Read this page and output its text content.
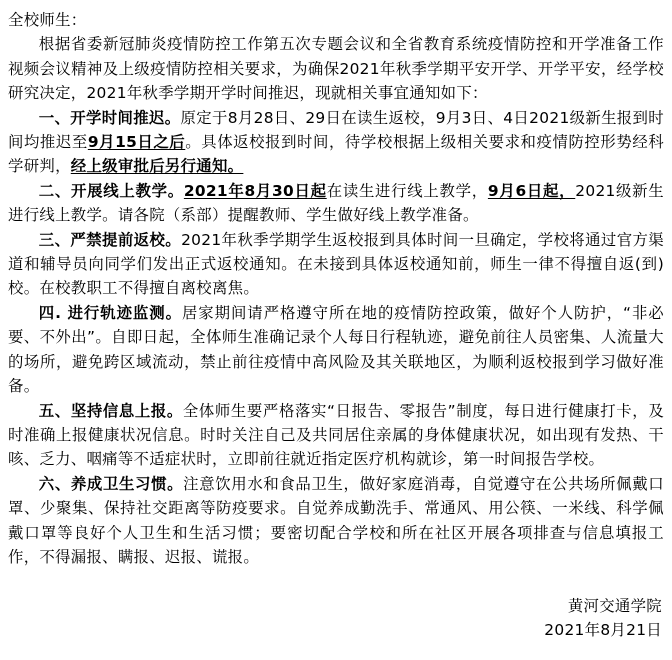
全校师生：

根据省委新冠肺炎疫情防控工作第五次专题会议和全省教育系统疫情防控和开学准备工作视频会议精神及上级疫情防控相关要求，为确保2021年秋季学期平安开学、开学平安，经学校研究决定，2021年秋季学期开学时间推迟，现就相关事宜通知如下：

一、开学时间推迟。原定于8月28日、29日在读生返校，9月3日、4日2021级新生报到时间均推迟至9月15日之后。具体返校报到时间，待学校根据上级相关要求和疫情防控形势经科学研判，经上级审批后另行通知。

二、开展线上教学。2021年8月30日起在读生进行线上教学，9月6日起，2021级新生进行线上教学。请各院（系部）提醒教师、学生做好线上教学准备。

三、严禁提前返校。2021年秋季学期学生返校报到具体时间一旦确定，学校将通过官方渠道和辅导员向同学们发出正式返校通知。在未接到具体返校通知前，师生一律不得擅自返(到)校。在校教职工不得擅自离校离焦。

四. 进行轨迹监测。居家期间请严格遵守所在地的疫情防控政策，做好个人防护，“非必要、不外出”。自即日起，全体师生准确记录个人每日行程轨迹，避免前往人员密集、人流量大的场所，避免跨区域流动，禁止前往疫情中高风险及其关联地区，为顺利返校报到学习做好准备。

五、坚持信息上报。全体师生要严格落实“日报告、零报告”制度，每日进行健康打卡，及时准确上报健康状况信息。时时关注自己及共同居住亲属的身体健康状况，如出现有发热、干咳、乏力、咽痛等不适症状时，立即前往就近指定医疗机构就诊，第一时间报告学校。

六、养成卫生习惯。注意饮用水和食品卫生，做好家庭消毒，自觉遵守在公共场所佩戴口罩、少聚集、保持社交距离等防疫要求。自觉养成勤洗手、常通风、用公筷、一米线、科学佩戴口罩等良好个人卫生和生活习惯；要密切配合学校和所在社区开展各项排查与信息填报工作，不得漏报、瞒报、迟报、谎报。

黄河交通学院

2021年8月21日
